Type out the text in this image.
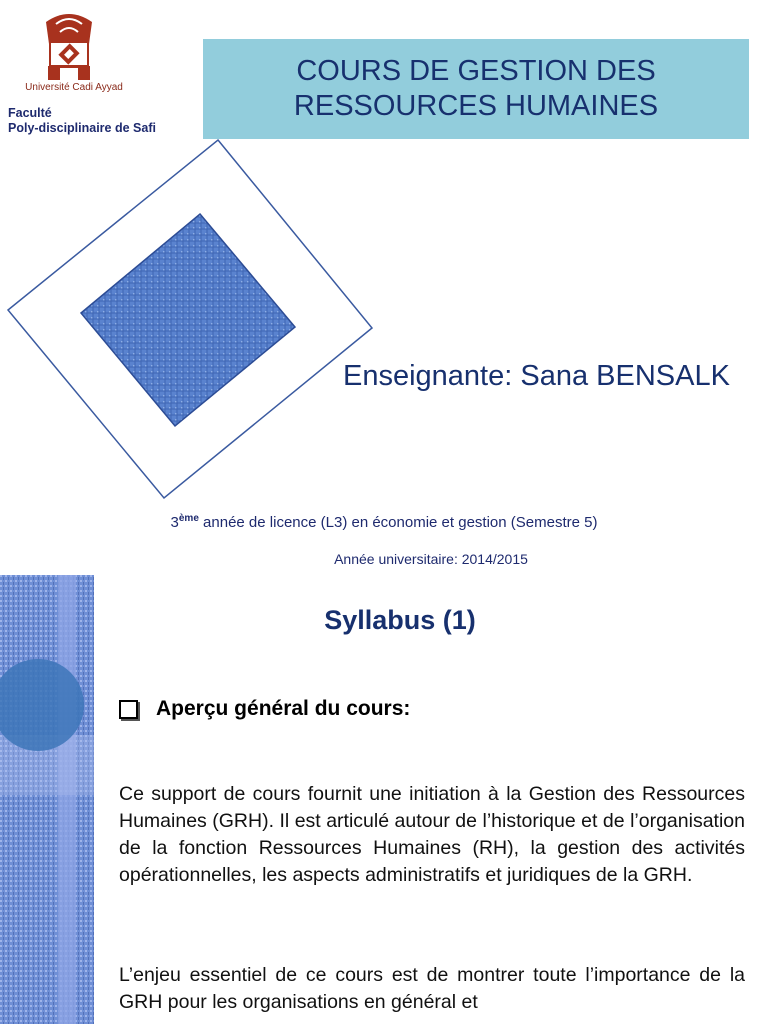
Université Cadi Ayyad
Faculté
Poly-disciplinaire de Safi
COURS DE GESTION DES RESSOURCES HUMAINES
Enseignante: Sana BENSALK
3ème année de licence (L3) en économie et gestion (Semestre 5)
Année universitaire: 2014/2015
Syllabus (1)
Aperçu général du cours:
Ce support de cours fournit une initiation à la Gestion des Ressources Humaines (GRH). Il est articulé autour de l’historique et de l’organisation de la fonction Ressources Humaines (RH), la gestion des activités opérationnelles, les aspects administratifs et juridiques de la GRH.
L’enjeu essentiel de ce cours est de montrer toute l’importance de la GRH pour les organisations en général et
